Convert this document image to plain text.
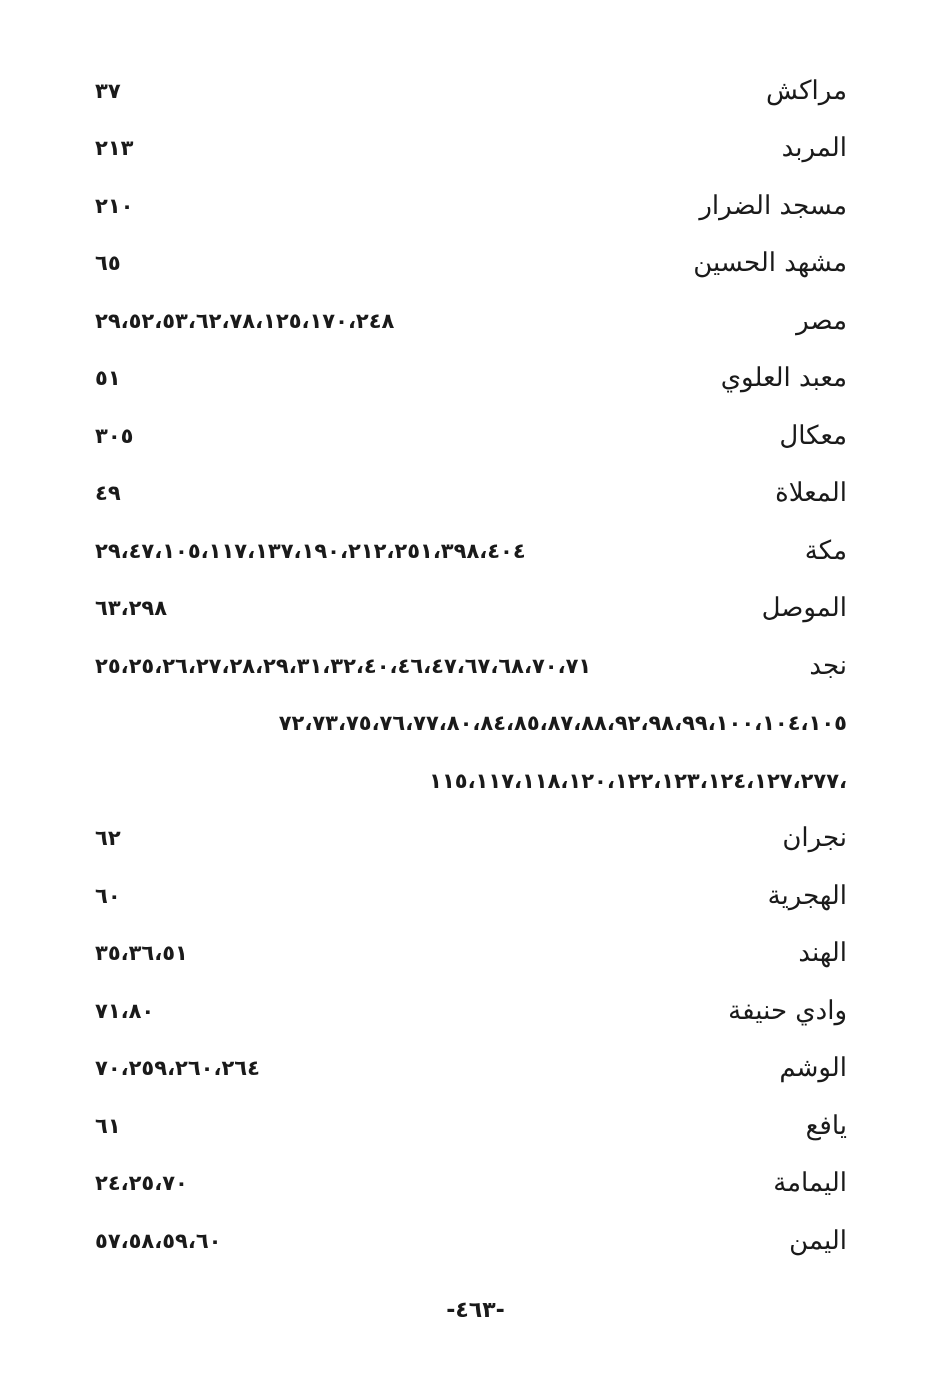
مراكش
٣٧
المربد
٢١٣
مسجد الضرار
٢١٠
مشهد الحسين
٦٥
مصر
٢٩،٥٢،٥٣،٦٢،٧٨،١٢٥،١٧٠،٢٤٨
معبد العلوي
٥١
معكال
٣٠٥
المعلاة
٤٩
مكة
٢٩،٤٧،١٠٥،١١٧،١٣٧،١٩٠،٢١٢،٢٥١،٣٩٨،٤٠٤
الموصل
٦٣،٢٩٨
نجد
٢٥،٢٥،٢٦،٢٧،٢٨،٢٩،٣١،٣٢،٤٠،٤٦،٤٧،٦٧،٦٨،٧٠،٧١
٧٢،٧٣،٧٥،٧٦،٧٧،٨٠،٨٤،٨٥،٨٧،٨٨،٩٢،٩٨،٩٩،١٠٠،١٠٤،١٠٥
،١١٥،١١٧،١١٨،١٢٠،١٢٢،١٢٣،١٢٤،١٢٧،٢٧٧
نجران
٦٢
الهجرية
٦٠
الهند
٣٥،٣٦،٥١
وادي حنيفة
٧١،٨٠
الوشم
٧٠،٢٥٩،٢٦٠،٢٦٤
يافع
٦١
اليمامة
٢٤،٢٥،٧٠
اليمن
٥٧،٥٨،٥٩،٦٠
-٤٦٣-
